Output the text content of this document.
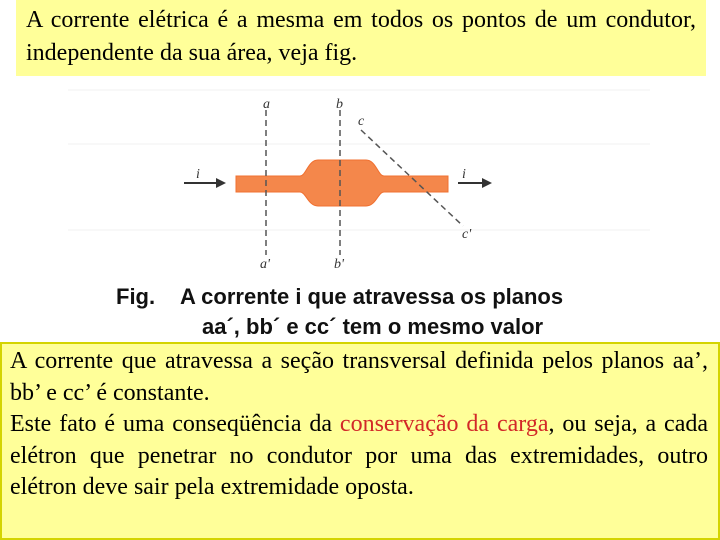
A corrente elétrica é a mesma em todos os pontos de um condutor, independente da sua área, veja fig.
a	b
c
a'	b'
c'
i	i
Fig. A corrente i que atravessa os planos
aa´, bb´ e cc´ tem o mesmo valor

A corrente que atravessa a seção transversal definida pelos planos aa’, bb’ e cc’ é constante.

Este fato é uma conseqüência da conservação da carga, ou seja, a cada elétron que penetrar no condutor por uma das extremidades, outro elétron deve sair pela extremidade oposta.
